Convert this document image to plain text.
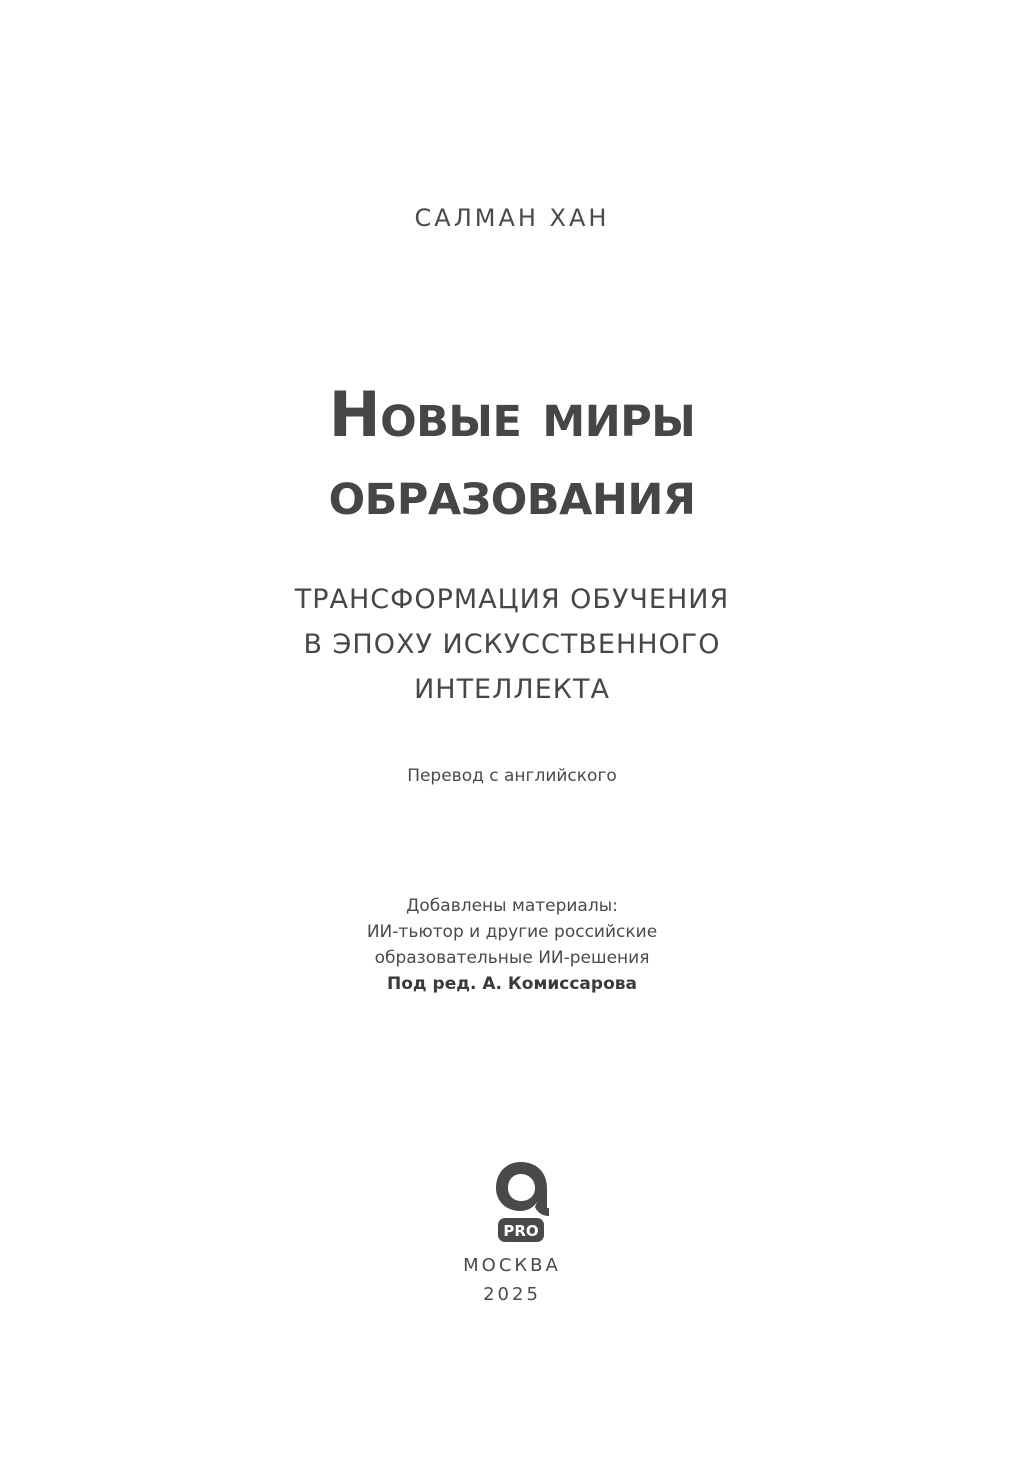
САЛМАН ХАН
Новые миры
образования
ТРАНСФОРМАЦИЯ ОБУЧЕНИЯ
В ЭПОХУ ИСКУССТВЕННОГО
ИНТЕЛЛЕКТА
Перевод с английского
Добавлены материалы:
ИИ-тьютор и другие российские
образовательные ИИ-решения
Под ред. А. Комиссарова
PRO
МОСКВА
2025
